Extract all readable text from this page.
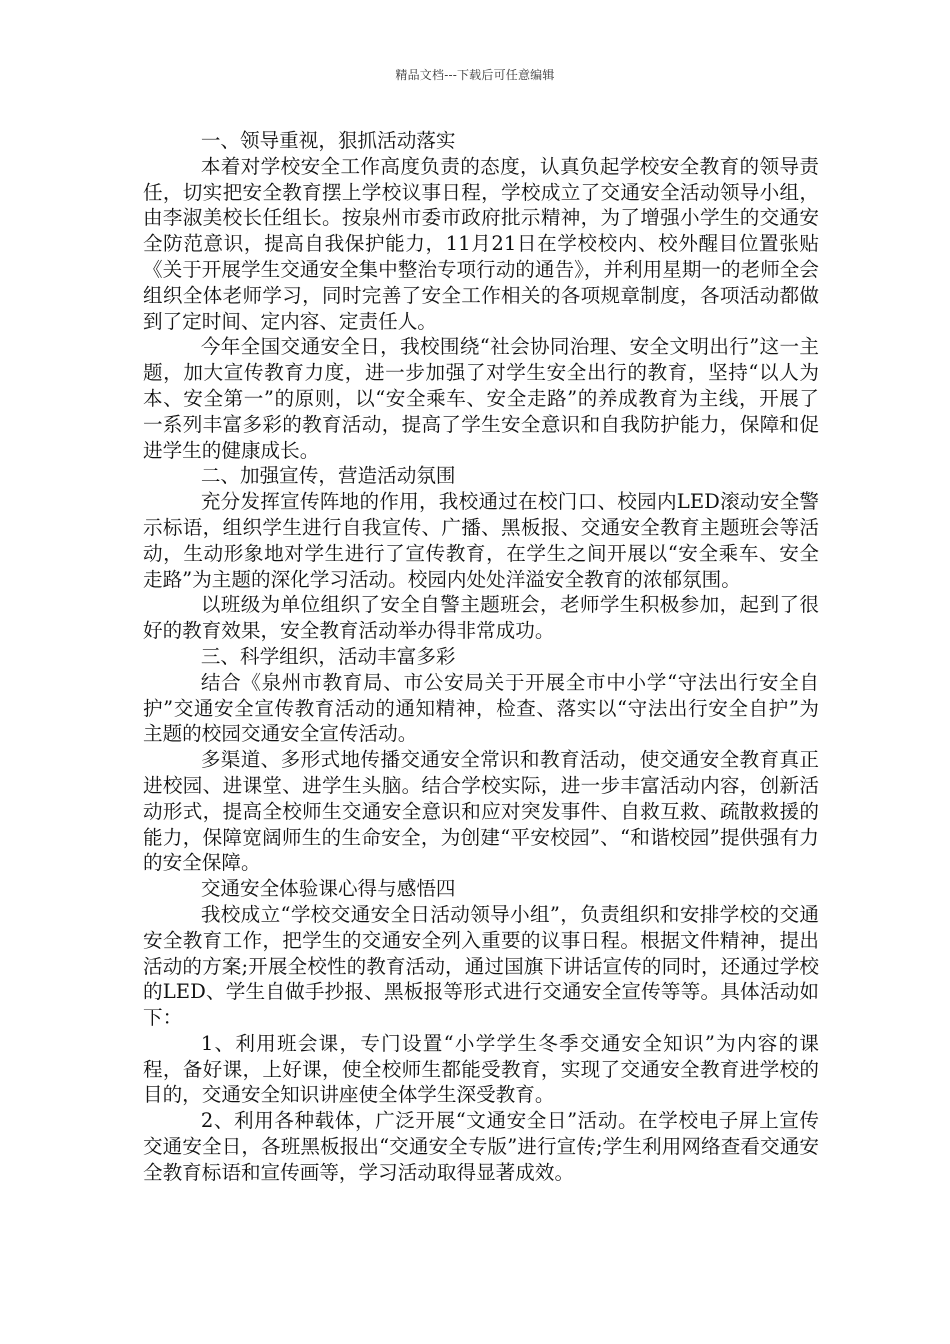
精品文档---下载后可任意编辑

一、领导重视，狠抓活动落实

本着对学校安全工作高度负责的态度，认真负起学校安全教育的领导责任，切实把安全教育摆上学校议事日程，学校成立了交通安全活动领导小组，由李淑美校长任组长。按泉州市委市政府批示精神，为了增强小学生的交通安全防范意识，提高自我保护能力，11月21日在学校校内、校外醒目位置张贴《关于开展学生交通安全集中整治专项行动的通告》，并利用星期一的老师全会组织全体老师学习，同时完善了安全工作相关的各项规章制度，各项活动都做到了定时间、定内容、定责任人。

今年全国交通安全日，我校围绕“社会协同治理、安全文明出行”这一主题，加大宣传教育力度，进一步加强了对学生安全出行的教育，坚持“以人为本、安全第一”的原则，以“安全乘车、安全走路”的养成教育为主线，开展了一系列丰富多彩的教育活动，提高了学生安全意识和自我防护能力，保障和促进学生的健康成长。

二、加强宣传，营造活动氛围

充分发挥宣传阵地的作用，我校通过在校门口、校园内LED滚动安全警示标语，组织学生进行自我宣传、广播、黑板报、交通安全教育主题班会等活动，生动形象地对学生进行了宣传教育，在学生之间开展以“安全乘车、安全走路”为主题的深化学习活动。校园内处处洋溢安全教育的浓郁氛围。

以班级为单位组织了安全自警主题班会，老师学生积极参加，起到了很好的教育效果，安全教育活动举办得非常成功。

三、科学组织，活动丰富多彩

结合《泉州市教育局、市公安局关于开展全市中小学“守法出行安全自护”交通安全宣传教育活动的通知精神，检查、落实以“守法出行安全自护”为主题的校园交通安全宣传活动。

多渠道、多形式地传播交通安全常识和教育活动，使交通安全教育真正进校园、进课堂、进学生头脑。结合学校实际，进一步丰富活动内容，创新活动形式，提高全校师生交通安全意识和应对突发事件、自救互救、疏散救援的能力，保障宽阔师生的生命安全，为创建“平安校园”、“和谐校园”提供强有力的安全保障。

交通安全体验课心得与感悟四

我校成立“学校交通安全日活动领导小组”，负责组织和安排学校的交通安全教育工作，把学生的交通安全列入重要的议事日程。根据文件精神，提出活动的方案;开展全校性的教育活动，通过国旗下讲话宣传的同时，还通过学校的LED、学生自做手抄报、黑板报等形式进行交通安全宣传等等。具体活动如下：

1、利用班会课，专门设置“小学学生冬季交通安全知识”为内容的课程，备好课，上好课，使全校师生都能受教育，实现了交通安全教育进学校的目的，交通安全知识讲座使全体学生深受教育。

2、利用各种载体，广泛开展“文通安全日”活动。在学校电子屏上宣传交通安全日，各班黑板报出“交通安全专版”进行宣传;学生利用网络查看交通安全教育标语和宣传画等，学习活动取得显著成效。
